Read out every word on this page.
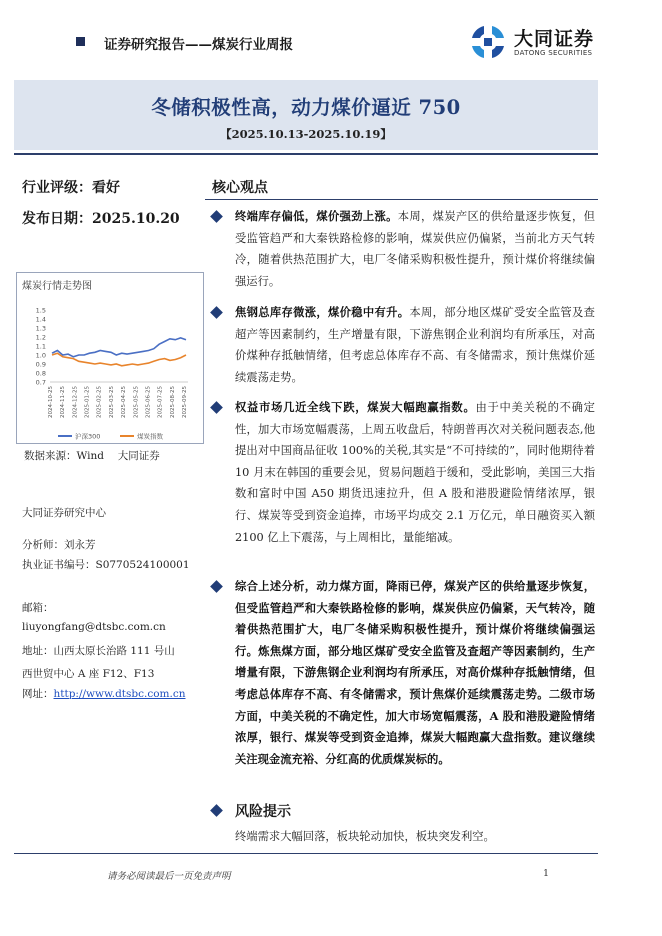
证券研究报告——煤炭行业周报	大同证券
DATONG SECURITIES
冬储积极性高，动力煤价逼近 750
【2025.10.13-2025.10.19】
行业评级：看好
发布日期：2025.10.20
煤炭行情走势图
1.5
1.4
1.3
1.2
1.1
1.0
0.9
0.8
0.7
2024-10-25 2024-11-25 2024-12-25 2025-01-25 2025-02-25 2025-03-25 2025-04-25 2025-05-25 2025-06-25 2025-07-25 2025-08-25 2025-09-25
沪深300	煤炭指数
数据来源：Wind　 大同证券
大同证券研究中心
分析师：刘永芳
执业证书编号：S0770524100001
邮箱：
liuyongfang@dtsbc.com.cn
地址：山西太原长治路 111 号山
西世贸中心 A 座 F12、F13
网址：http://www.dtsbc.com.cn
核心观点
终端库存偏低，煤价强劲上涨。本周，煤炭产区的供给量逐步恢复，但受监管趋严和大秦铁路检修的影响，煤炭供应仍偏紧，当前北方天气转冷，随着供热范围扩大，电厂冬储采购积极性提升，预计煤价将继续偏强运行。
焦钢总库存微涨，煤价稳中有升。本周，部分地区煤矿受安全监管及查超产等因素制约，生产增量有限，下游焦钢企业利润均有所承压，对高价煤种存抵触情绪，但考虑总体库存不高、有冬储需求，预计焦煤价延续震荡走势。
权益市场几近全线下跌，煤炭大幅跑赢指数。由于中美关税的不确定性，加大市场宽幅震荡，上周五收盘后，特朗普再次对关税问题表态,他提出对中国商品征收 100%的关税,其实是“不可持续的”，同时他期待着 10 月末在韩国的重要会见，贸易问题趋于缓和，受此影响，美国三大指数和富时中国 A50 期货迅速拉升，但 A 股和港股避险情绪浓厚，银行、煤炭等受到资金追捧，市场平均成交 2.1 万亿元，单日融资买入额 2100 亿上下震荡，与上周相比，量能缩减。
综合上述分析，动力煤方面，降雨已停，煤炭产区的供给量逐步恢复，但受监管趋严和大秦铁路检修的影响，煤炭供应仍偏紧，天气转冷，随着供热范围扩大，电厂冬储采购积极性提升，预计煤价将继续偏强运行。炼焦煤方面，部分地区煤矿受安全监管及查超产等因素制约，生产增量有限，下游焦钢企业利润均有所承压，对高价煤种存抵触情绪，但考虑总体库存不高、有冬储需求，预计焦煤价延续震荡走势。二级市场方面，中美关税的不确定性，加大市场宽幅震荡，A 股和港股避险情绪浓厚，银行、煤炭等受到资金追捧，煤炭大幅跑赢大盘指数。建议继续关注现金流充裕、分红高的优质煤炭标的。
风险提示
终端需求大幅回落，板块轮动加快，板块突发利空。
请务必阅读最后一页免责声明	1
